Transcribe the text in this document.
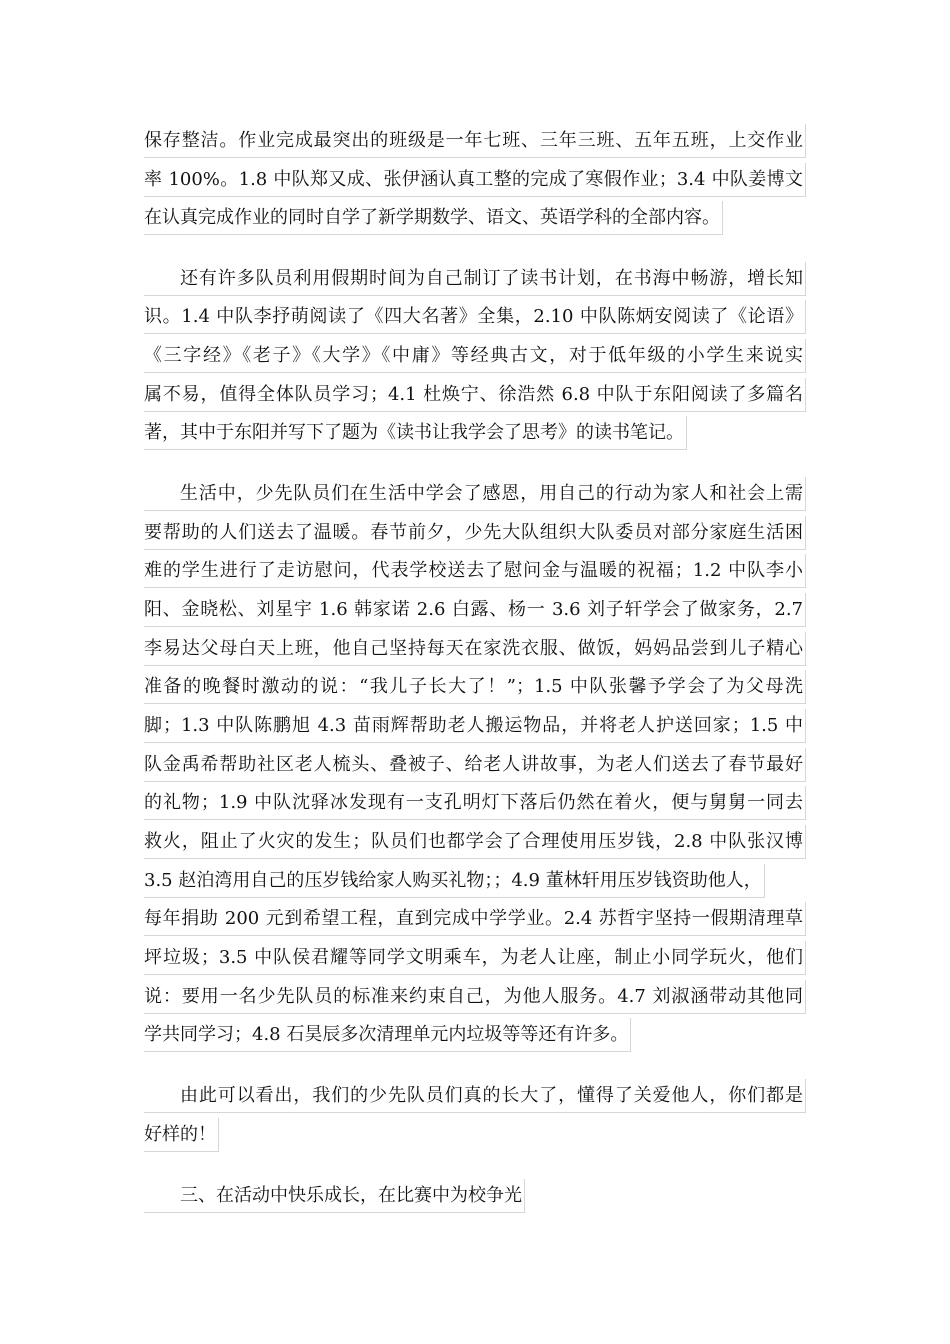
保存整洁。作业完成最突出的班级是一年七班、三年三班、五年五班，上交作业
率 100%。1.8 中队郑又成、张伊涵认真工整的完成了寒假作业；3.4 中队姜博文
在认真完成作业的同时自学了新学期数学、语文、英语学科的全部内容。
还有许多队员利用假期时间为自己制订了读书计划，在书海中畅游，增长知
识。1.4 中队李抒萌阅读了《四大名著》全集，2.10 中队陈炳安阅读了《论语》
《三字经》《老子》《大学》《中庸》等经典古文，对于低年级的小学生来说实
属不易，值得全体队员学习；4.1 杜焕宁、徐浩然 6.8 中队于东阳阅读了多篇名
著，其中于东阳并写下了题为《读书让我学会了思考》的读书笔记。
生活中，少先队员们在生活中学会了感恩，用自己的行动为家人和社会上需
要帮助的人们送去了温暖。春节前夕，少先大队组织大队委员对部分家庭生活困
难的学生进行了走访慰问，代表学校送去了慰问金与温暖的祝福；1.2 中队李小
阳、金晓松、刘星宇 1.6 韩家诺 2.6 白露、杨一 3.6 刘子轩学会了做家务，2.7
李易达父母白天上班，他自己坚持每天在家洗衣服、做饭，妈妈品尝到儿子精心
准备的晚餐时激动的说：“我儿子长大了！”；1.5 中队张馨予学会了为父母洗
脚；1.3 中队陈鹏旭 4.3 苗雨辉帮助老人搬运物品，并将老人护送回家；1.5 中
队金禹希帮助社区老人梳头、叠被子、给老人讲故事，为老人们送去了春节最好
的礼物；1.9 中队沈驿冰发现有一支孔明灯下落后仍然在着火，便与舅舅一同去
救火，阻止了火灾的发生；队员们也都学会了合理使用压岁钱，2.8 中队张汉博
3.5 赵泊湾用自己的压岁钱给家人购买礼物；；4.9 董林轩用压岁钱资助他人，
每年捐助 200 元到希望工程，直到完成中学学业。2.4 苏哲宇坚持一假期清理草
坪垃圾；3.5 中队侯君耀等同学文明乘车，为老人让座，制止小同学玩火，他们
说：要用一名少先队员的标准来约束自己，为他人服务。4.7 刘淑涵带动其他同
学共同学习；4.8 石昊辰多次清理单元内垃圾等等还有许多。
由此可以看出，我们的少先队员们真的长大了，懂得了关爱他人，你们都是
好样的！
三、在活动中快乐成长，在比赛中为校争光
